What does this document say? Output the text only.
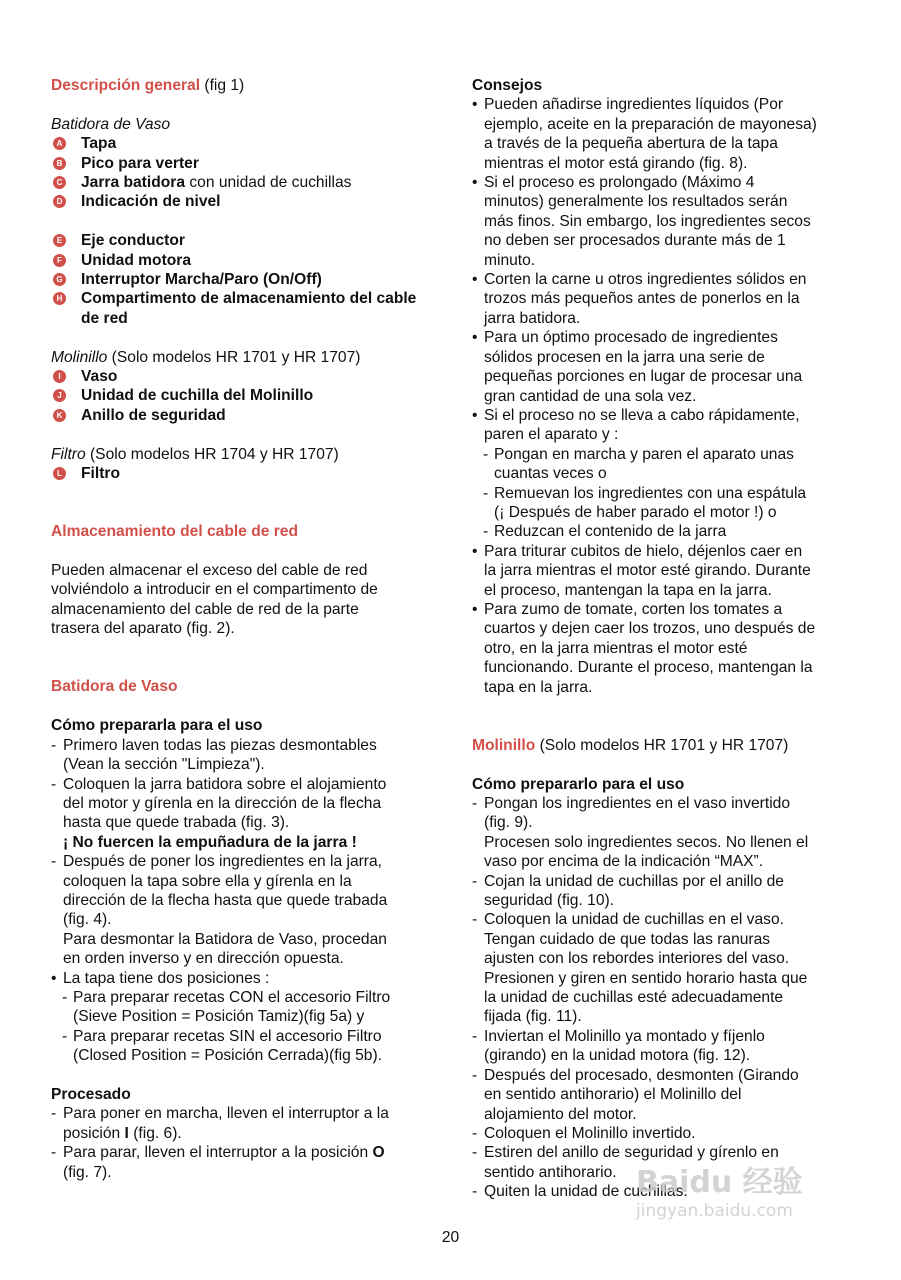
Descripción general (fig 1)
Batidora de Vaso
A Tapa
B Pico para verter
C Jarra batidora con unidad de cuchillas
D Indicación de nivel
E Eje conductor
F Unidad motora
G Interruptor Marcha/Paro (On/Off)
H Compartimento de almacenamiento del cable de red
Molinillo (Solo modelos HR 1701 y HR 1707)
I	Vaso
J Unidad de cuchilla del Molinillo
K Anillo de seguridad
Filtro (Solo modelos HR 1704 y HR 1707)
L Filtro
Almacenamiento del cable de red
Pueden almacenar el exceso del cable de red
volviéndolo a introducir en el compartimento de
almacenamiento del cable de red de la parte
trasera del aparato (fig. 2).
Batidora de Vaso
Cómo prepararla para el uso
- Primero laven todas las piezas desmontables
(Vean la sección "Limpieza").
- Coloquen la jarra batidora sobre el alojamiento
del motor y gírenla en la dirección de la flecha
hasta que quede trabada (fig. 3).
¡ No fuercen la empuñadura de la jarra !
- Después de poner los ingredientes en la jarra,
coloquen la tapa sobre ella y gírenla en la
dirección de la flecha hasta que quede trabada
(fig. 4).
Para desmontar la Batidora de Vaso, procedan
en orden inverso y en dirección opuesta.
• La tapa tiene dos posiciones :
- Para preparar recetas CON el accesorio Filtro
(Sieve Position = Posición Tamiz)(fig 5a) y
- Para preparar recetas SIN el accesorio Filtro
(Closed Position = Posición Cerrada)(fig 5b).
Procesado
- Para poner en marcha, lleven el interruptor a la
posición I (fig. 6).
- Para parar, lleven el interruptor a la posición O
(fig. 7).
Consejos
• Pueden añadirse ingredientes líquidos (Por
ejemplo, aceite en la preparación de mayonesa)
a través de la pequeña abertura de la tapa
mientras el motor está girando (fig. 8).
• Si el proceso es prolongado (Máximo 4
minutos) generalmente los resultados serán
más finos. Sin embargo, los ingredientes secos
no deben ser procesados durante más de 1
minuto.
• Corten la carne u otros ingredientes sólidos en
trozos más pequeños antes de ponerlos en la
jarra batidora.
• Para un óptimo procesado de ingredientes
sólidos procesen en la jarra una serie de
pequeñas porciones en lugar de procesar una
gran cantidad de una sola vez.
• Si el proceso no se lleva a cabo rápidamente,
paren el aparato y :
- Pongan en marcha y paren el aparato unas
cuantas veces o
- Remuevan los ingredientes con una espátula
(¡ Después de haber parado el motor !) o
- Reduzcan el contenido de la jarra
• Para triturar cubitos de hielo, déjenlos caer en
la jarra mientras el motor esté girando. Durante
el proceso, mantengan la tapa en la jarra.
• Para zumo de tomate, corten los tomates a
cuartos y dejen caer los trozos, uno después de
otro, en la jarra mientras el motor esté
funcionando. Durante el proceso, mantengan la
tapa en la jarra.
Molinillo (Solo modelos HR 1701 y HR 1707)
Cómo prepararlo para el uso
- Pongan los ingredientes en el vaso invertido
(fig. 9).
Procesen solo ingredientes secos. No llenen el
vaso por encima de la indicación “MAX”.
- Cojan la unidad de cuchillas por el anillo de
seguridad (fig. 10).
- Coloquen la unidad de cuchillas en el vaso.
Tengan cuidado de que todas las ranuras
ajusten con los rebordes interiores del vaso.
Presionen y giren en sentido horario hasta que
la unidad de cuchillas esté adecuadamente
fijada (fig. 11).
- Inviertan el Molinillo ya montado y fíjenlo
(girando) en la unidad motora (fig. 12).
- Después del procesado, desmonten (Girando
en sentido antihorario) el Molinillo del
alojamiento del motor.
- Coloquen el Molinillo invertido.
- Estiren del anillo de seguridad y gírenlo en
sentido antihorario.
- Quiten la unidad de cuchillas.
20
Baidu 经验
jingyan.baidu.com
